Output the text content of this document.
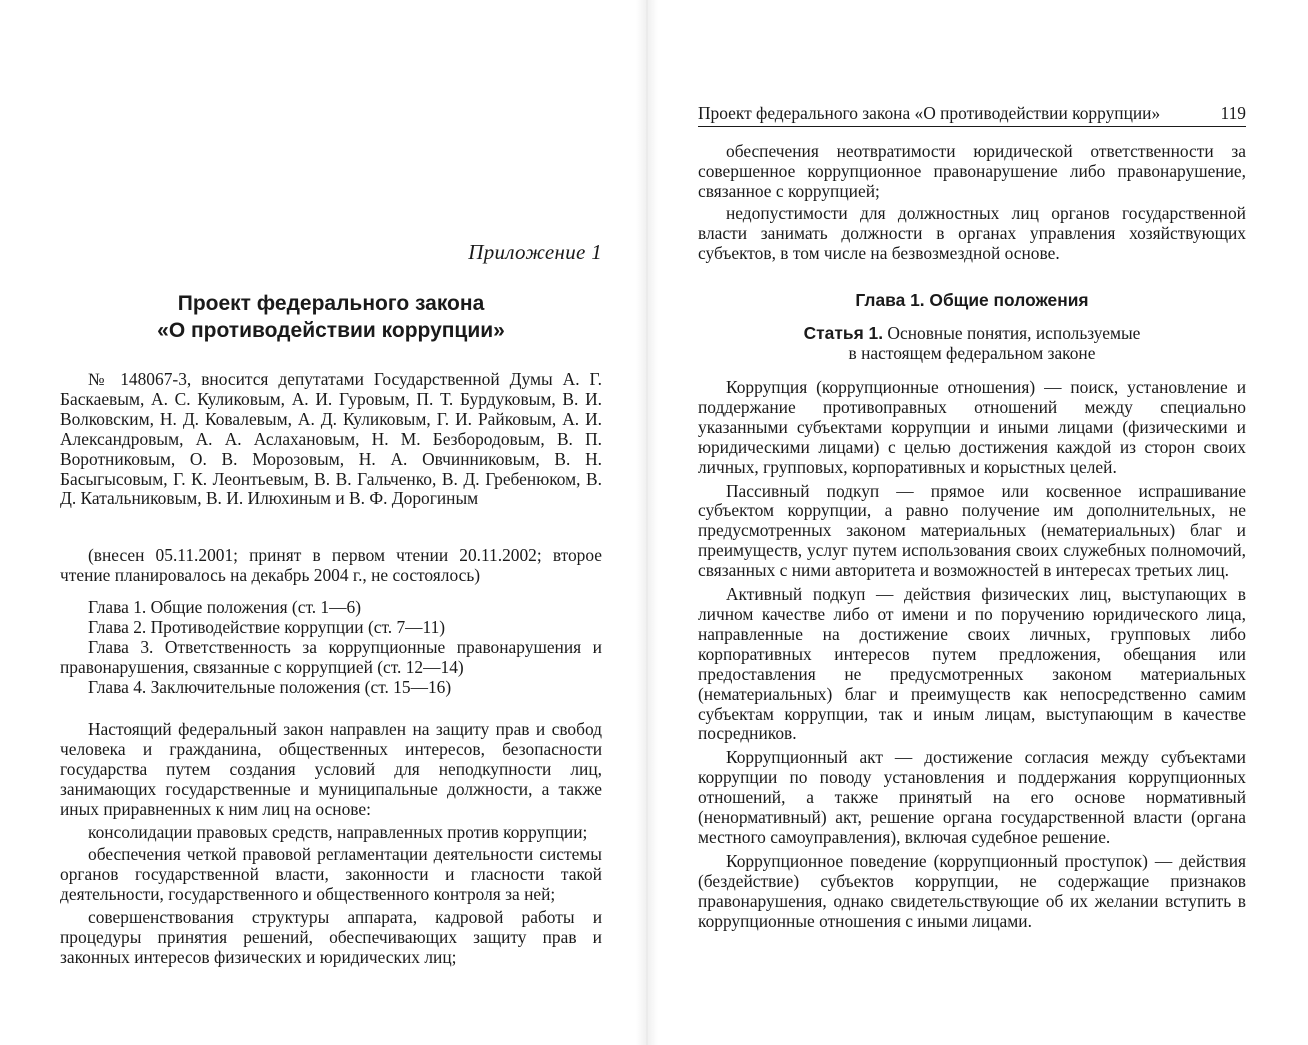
Приложение 1
Проект федерального закона
«О противодействии коррупции»

№ 148067-3, вносится депутатами Государственной Думы А. Г. Баскаевым, А. С. Куликовым, А. И. Гуровым, П. Т. Бурдуковым, В. И. Волковским, Н. Д. Ковалевым, А. Д. Куликовым, Г. И. Райковым, А. И. Александровым, А. А. Аслахановым, Н. М. Безбородовым, В. П. Воротниковым, О. В. Морозовым, Н. А. Овчинниковым, В. Н. Басыгысовым, Г. К. Леонтьевым, В. В. Гальченко, В. Д. Гребенюком, В. Д. Катальниковым, В. И. Илюхиным и В. Ф. Дорогиным

(внесен 05.11.2001; принят в первом чтении 20.11.2002; второе чтение планировалось на декабрь 2004 г., не состоялось)

Глава 1. Общие положения (ст. 1—6)

Глава 2. Противодействие коррупции (ст. 7—11)

Глава 3. Ответственность за коррупционные правонарушения и правонарушения, связанные с коррупцией (ст. 12—14)

Глава 4. Заключительные положения (ст. 15—16)

Настоящий федеральный закон направлен на защиту прав и свобод человека и гражданина, общественных интересов, безопасности государства путем создания условий для неподкупности лиц, занимающих государственные и муниципальные должности, а также иных приравненных к ним лиц на основе:

консолидации правовых средств, направленных против коррупции;

обеспечения четкой правовой регламентации деятельности системы органов государственной власти, законности и гласности такой деятельности, государственного и общественного контроля за ней;

совершенствования структуры аппарата, кадровой работы и процедуры принятия решений, обеспечивающих защиту прав и законных интересов физических и юридических лиц;

Проект федерального закона «О противодействии коррупции»	119

обеспечения неотвратимости юридической ответственности за совершенное коррупционное правонарушение либо правонарушение, связанное с коррупцией;

недопустимости для должностных лиц органов государственной власти занимать должности в органах управления хозяйствующих субъектов, в том числе на безвозмездной основе.

Глава 1. Общие положения
Статья 1. Основные понятия, используемые
в настоящем федеральном законе

Коррупция (коррупционные отношения) — поиск, установление и поддержание противоправных отношений между специально указанными субъектами коррупции и иными лицами (физическими и юридическими лицами) с целью достижения каждой из сторон своих личных, групповых, корпоративных и корыстных целей.

Пассивный подкуп — прямое или косвенное испрашивание субъектом коррупции, а равно получение им дополнительных, не предусмотренных законом материальных (нематериальных) благ и преимуществ, услуг путем использования своих служебных полномочий, связанных с ними авторитета и возможностей в интересах третьих лиц.

Активный подкуп — действия физических лиц, выступающих в личном качестве либо от имени и по поручению юридического лица, направленные на достижение своих личных, групповых либо корпоративных интересов путем предложения, обещания или предоставления не предусмотренных законом материальных (нематериальных) благ и преимуществ как непосредственно самим субъектам коррупции, так и иным лицам, выступающим в качестве посредников.

Коррупционный акт — достижение согласия между субъектами коррупции по поводу установления и поддержания коррупционных отношений, а также принятый на его основе нормативный (ненормативный) акт, решение органа государственной власти (органа местного самоуправления), включая судебное решение.

Коррупционное поведение (коррупционный проступок) — действия (бездействие) субъектов коррупции, не содержащие признаков правонарушения, однако свидетельствующие об их желании вступить в коррупционные отношения с иными лицами.
